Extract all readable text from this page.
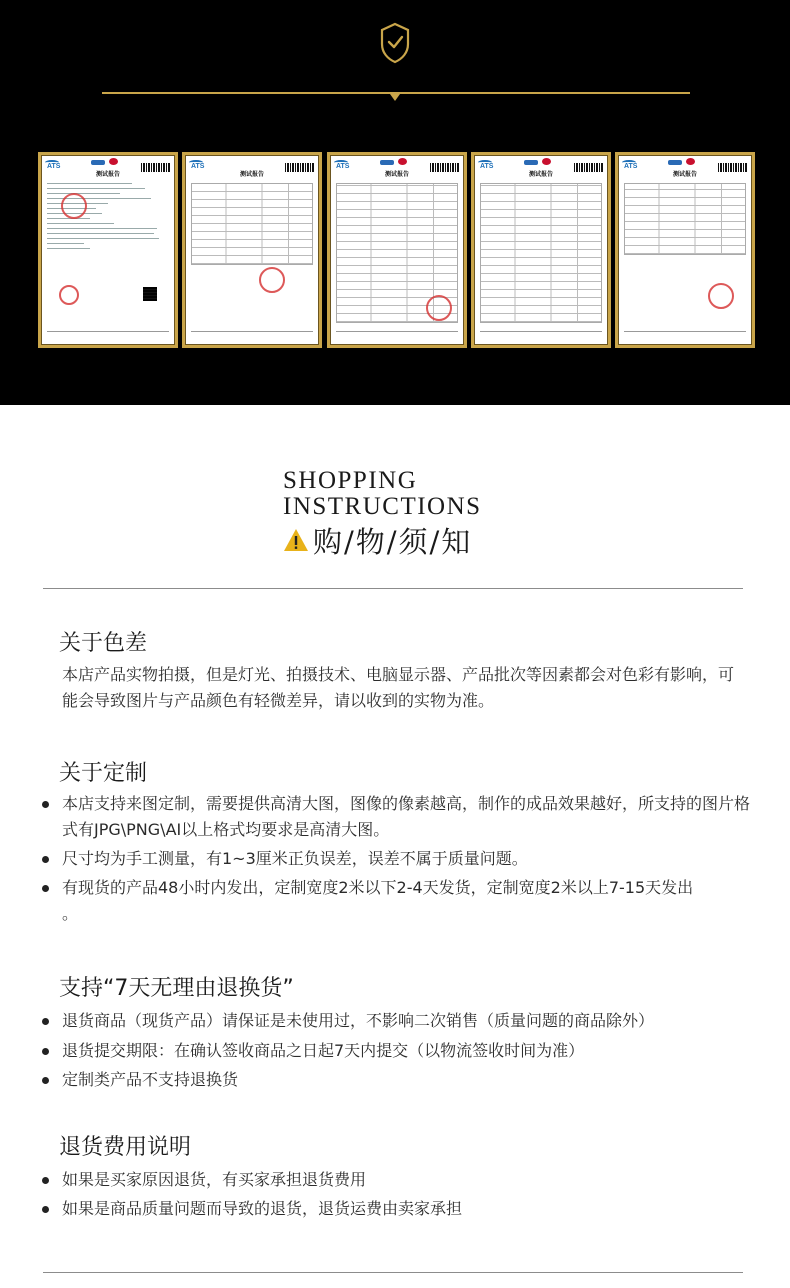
ATS
测试报告
ATS
测试报告
ATS
测试报告
ATS
测试报告
ATS
测试报告
SHOPPING
INSTRUCTIONS
购/物/须/知
关于色差
本店产品实物拍摄，但是灯光、拍摄技术、电脑显示器、产品批次等因素都会对色彩有影响，可能会导致图片与产品颜色有轻微差异，请以收到的实物为准。
关于定制
本店支持来图定制，需要提供高清大图，图像的像素越高，制作的成品效果越好，所支持的图片格式有JPG\PNG\AI以上格式均要求是高清大图。
尺寸均为手工测量，有1~3厘米正负误差，误差不属于质量问题。
有现货的产品48小时内发出，定制宽度2米以下2-4天发货，定制宽度2米以上7-15天发出 。
支持“7天无理由退换货”
退货商品（现货产品）请保证是未使用过，不影响二次销售（质量问题的商品除外）
退货提交期限：在确认签收商品之日起7天内提交（以物流签收时间为准）
定制类产品不支持退换货
退货费用说明
如果是买家原因退货，有买家承担退货费用
如果是商品质量问题而导致的退货，退货运费由卖家承担
